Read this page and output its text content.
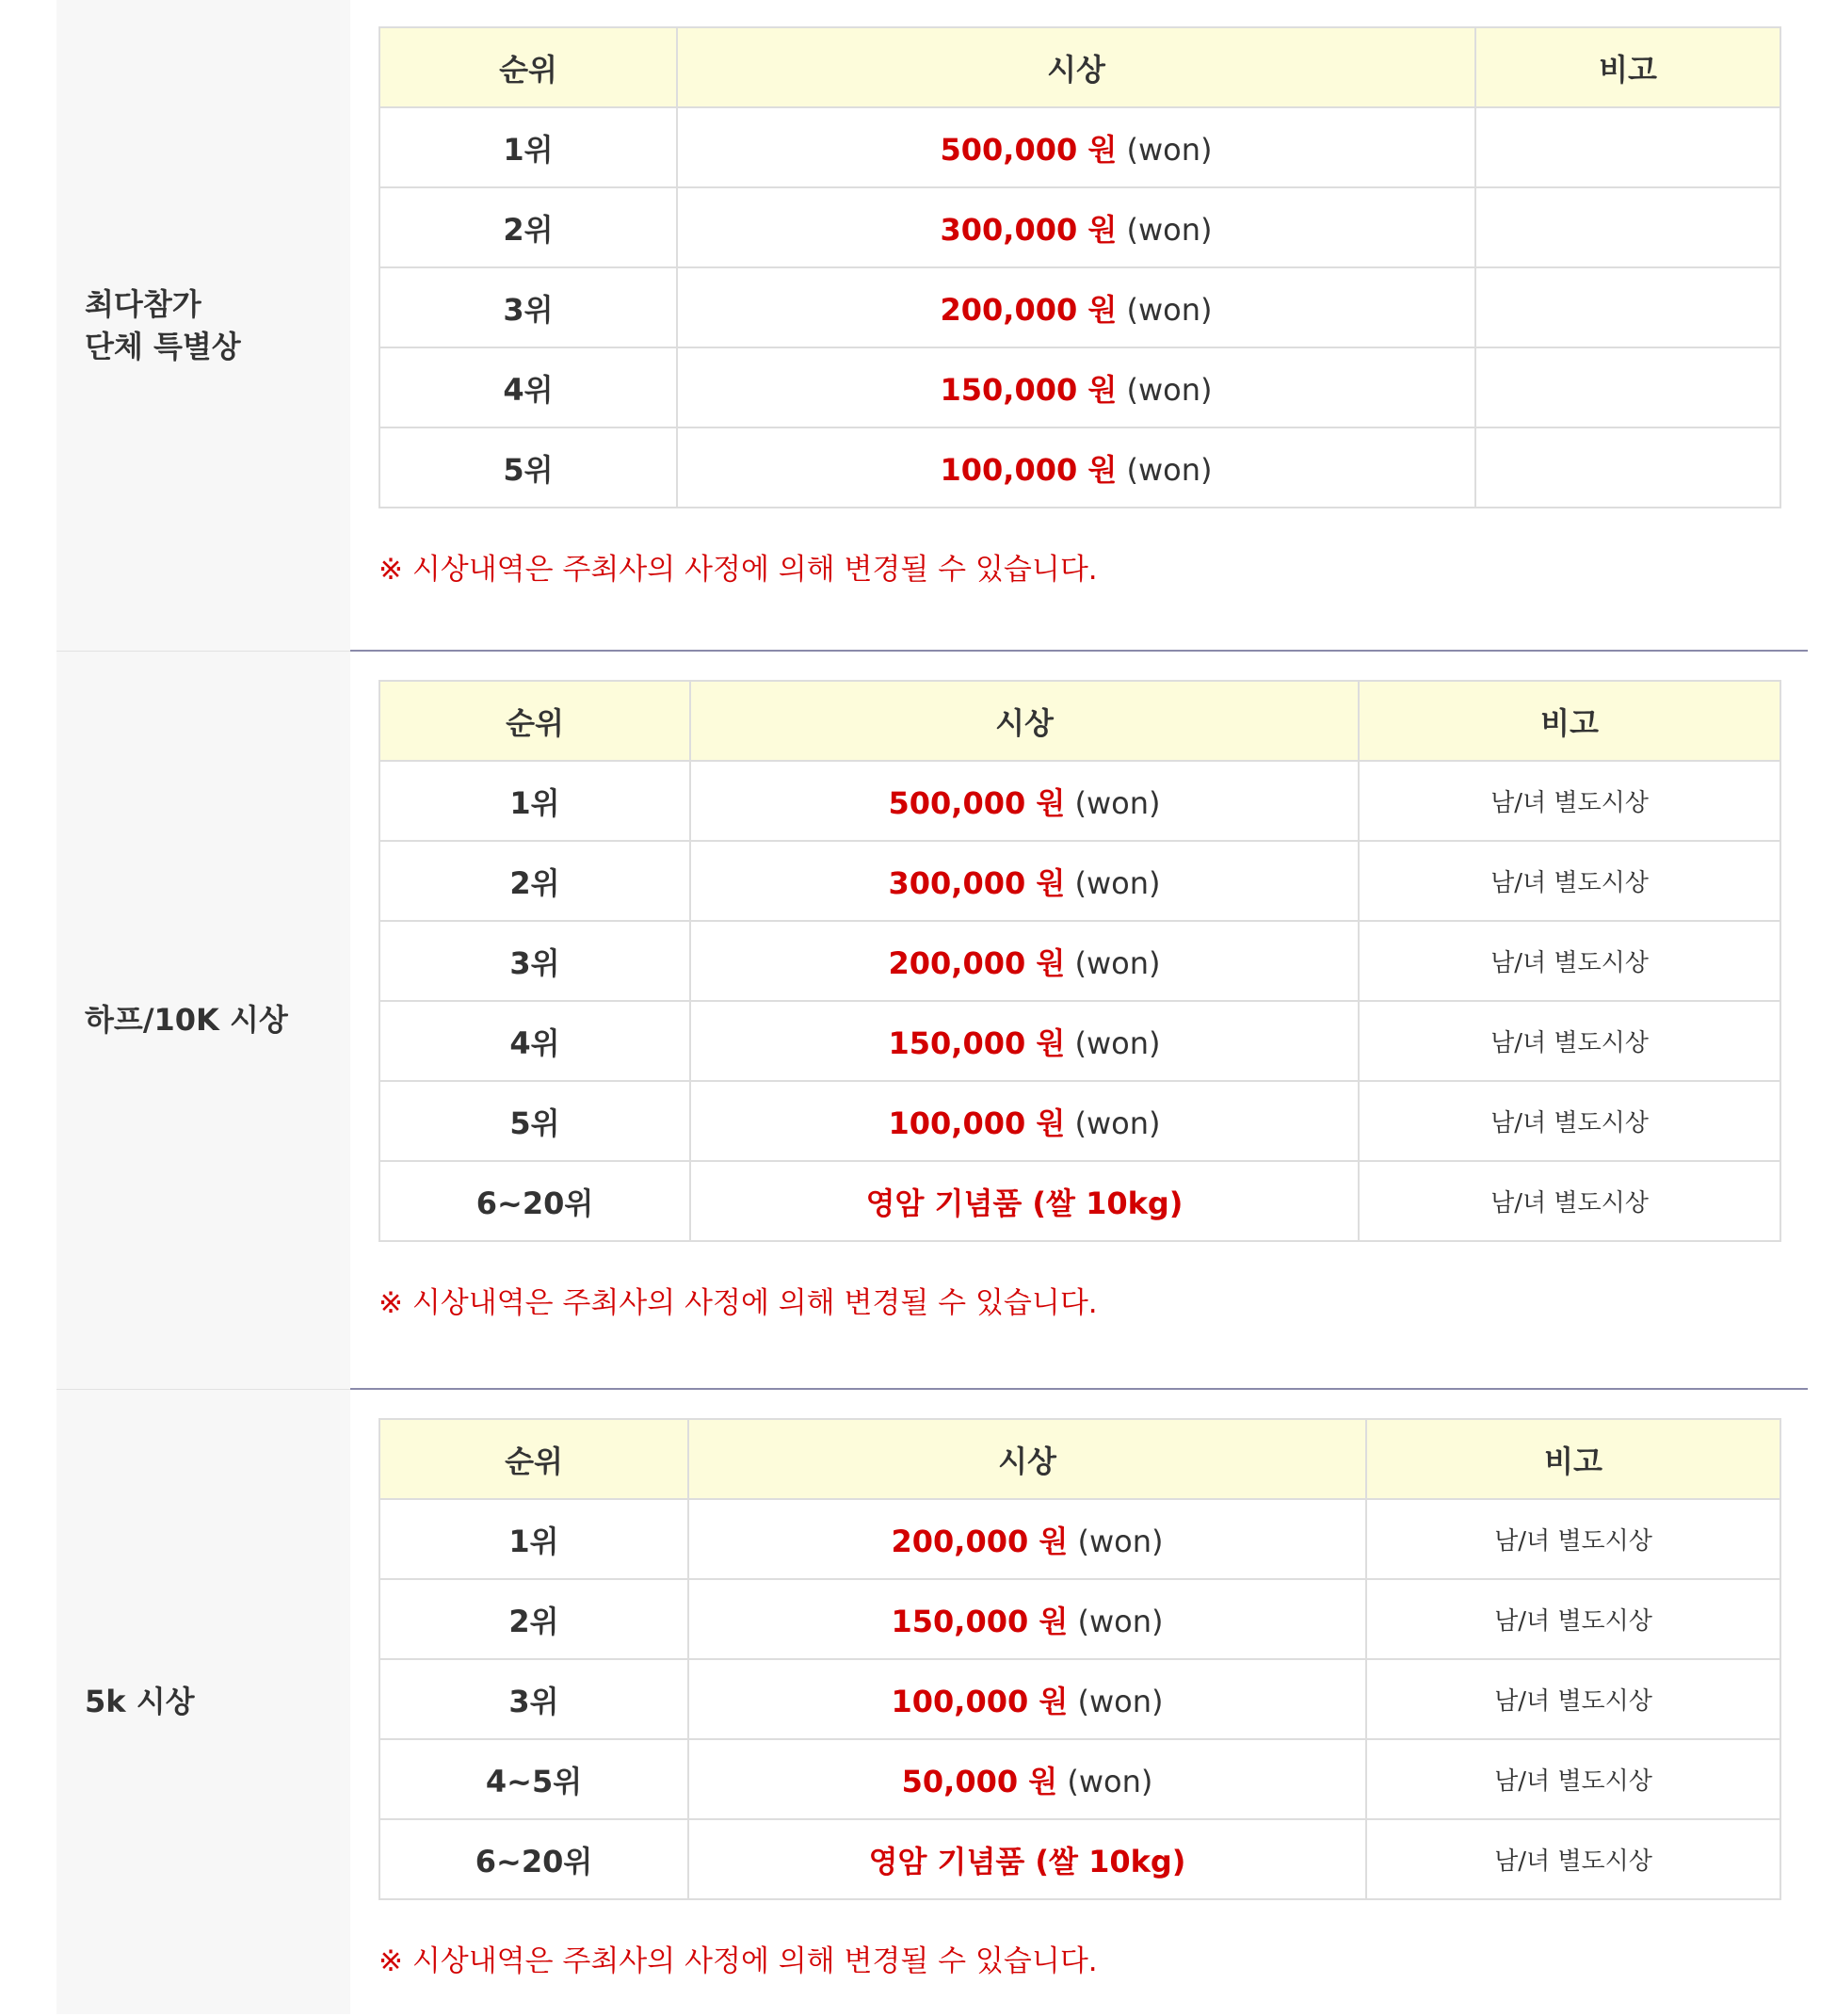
최다참가
단체 특별상
순위	시상	비고
1위	500,000 원 (won)	
2위	300,000 원 (won)	
3위	200,000 원 (won)	
4위	150,000 원 (won)	
5위	100,000 원 (won)	
※ 시상내역은 주최사의 사정에 의해 변경될 수 있습니다.
하프/10K 시상
순위	시상	비고
1위	500,000 원 (won)	남/녀 별도시상
2위	300,000 원 (won)	남/녀 별도시상
3위	200,000 원 (won)	남/녀 별도시상
4위	150,000 원 (won)	남/녀 별도시상
5위	100,000 원 (won)	남/녀 별도시상
6~20위	영암 기념품 (쌀 10kg)	남/녀 별도시상
※ 시상내역은 주최사의 사정에 의해 변경될 수 있습니다.
5k 시상
순위	시상	비고
1위	200,000 원 (won)	남/녀 별도시상
2위	150,000 원 (won)	남/녀 별도시상
3위	100,000 원 (won)	남/녀 별도시상
4~5위	50,000 원 (won)	남/녀 별도시상
6~20위	영암 기념품 (쌀 10kg)	남/녀 별도시상
※ 시상내역은 주최사의 사정에 의해 변경될 수 있습니다.
